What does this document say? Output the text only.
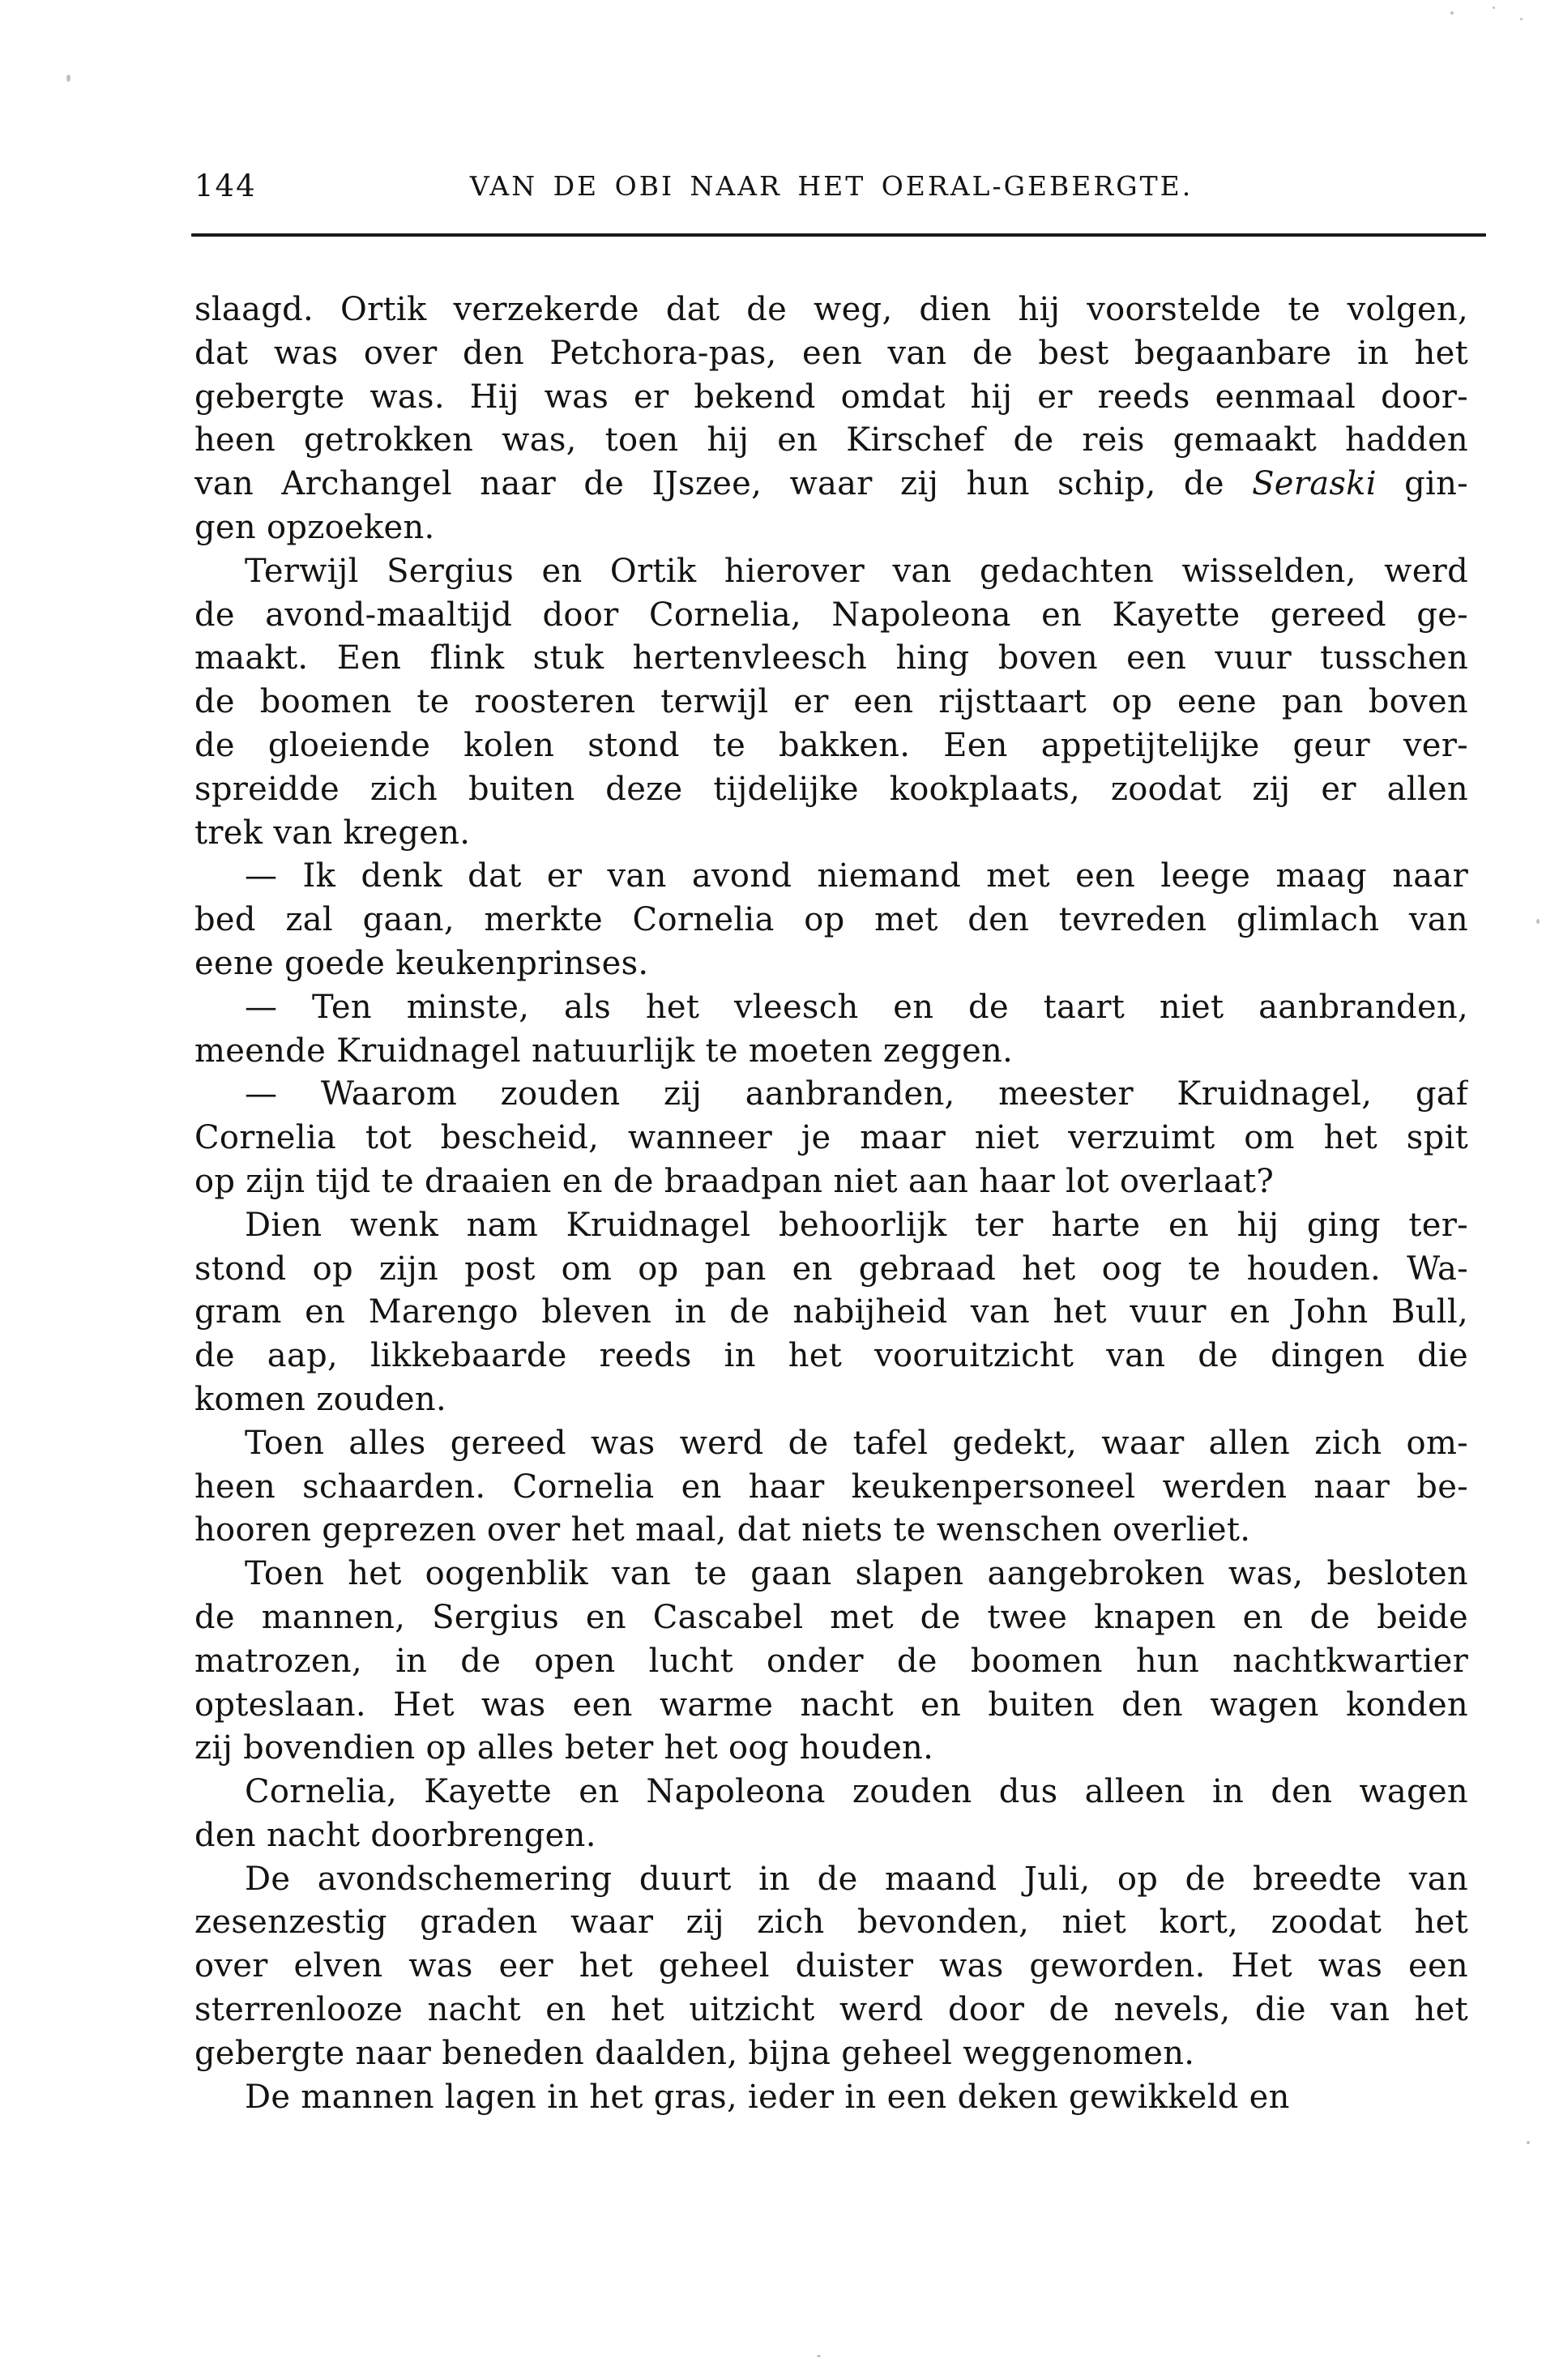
144	VAN DE OBI NAAR HET OERAL-GEBERGTE.
slaagd. Ortik verzekerde dat de weg, dien hij voorstelde te volgen,
dat was over den Petchora-pas, een van de best begaanbare in het
gebergte was. Hij was er bekend omdat hij er reeds eenmaal door-
heen getrokken was, toen hij en Kirschef de reis gemaakt hadden
van Archangel naar de IJszee, waar zij hun schip, de Seraski gin-
gen opzoeken.
Terwijl Sergius en Ortik hierover van gedachten wisselden, werd
de avond-maaltijd door Cornelia, Napoleona en Kayette gereed ge-
maakt. Een flink stuk hertenvleesch hing boven een vuur tusschen
de boomen te roosteren terwijl er een rijsttaart op eene pan boven
de gloeiende kolen stond te bakken. Een appetijtelijke geur ver-
spreidde zich buiten deze tijdelijke kookplaats, zoodat zij er allen
trek van kregen.
— Ik denk dat er van avond niemand met een leege maag naar
bed zal gaan, merkte Cornelia op met den tevreden glimlach van
eene goede keukenprinses.
— Ten minste, als het vleesch en de taart niet aanbranden,
meende Kruidnagel natuurlijk te moeten zeggen.
— Waarom zouden zij aanbranden, meester Kruidnagel, gaf
Cornelia tot bescheid, wanneer je maar niet verzuimt om het spit
op zijn tijd te draaien en de braadpan niet aan haar lot overlaat?
Dien wenk nam Kruidnagel behoorlijk ter harte en hij ging ter-
stond op zijn post om op pan en gebraad het oog te houden. Wa-
gram en Marengo bleven in de nabijheid van het vuur en John Bull,
de aap, likkebaarde reeds in het vooruitzicht van de dingen die
komen zouden.
Toen alles gereed was werd de tafel gedekt, waar allen zich om-
heen schaarden. Cornelia en haar keukenpersoneel werden naar be-
hooren geprezen over het maal, dat niets te wenschen overliet.
Toen het oogenblik van te gaan slapen aangebroken was, besloten
de mannen, Sergius en Cascabel met de twee knapen en de beide
matrozen, in de open lucht onder de boomen hun nachtkwartier
opteslaan. Het was een warme nacht en buiten den wagen konden
zij bovendien op alles beter het oog houden.
Cornelia, Kayette en Napoleona zouden dus alleen in den wagen
den nacht doorbrengen.
De avondschemering duurt in de maand Juli, op de breedte van
zesenzestig graden waar zij zich bevonden, niet kort, zoodat het
over elven was eer het geheel duister was geworden. Het was een
sterrenlooze nacht en het uitzicht werd door de nevels, die van het
gebergte naar beneden daalden, bijna geheel weggenomen.
De mannen lagen in het gras, ieder in een deken gewikkeld en
